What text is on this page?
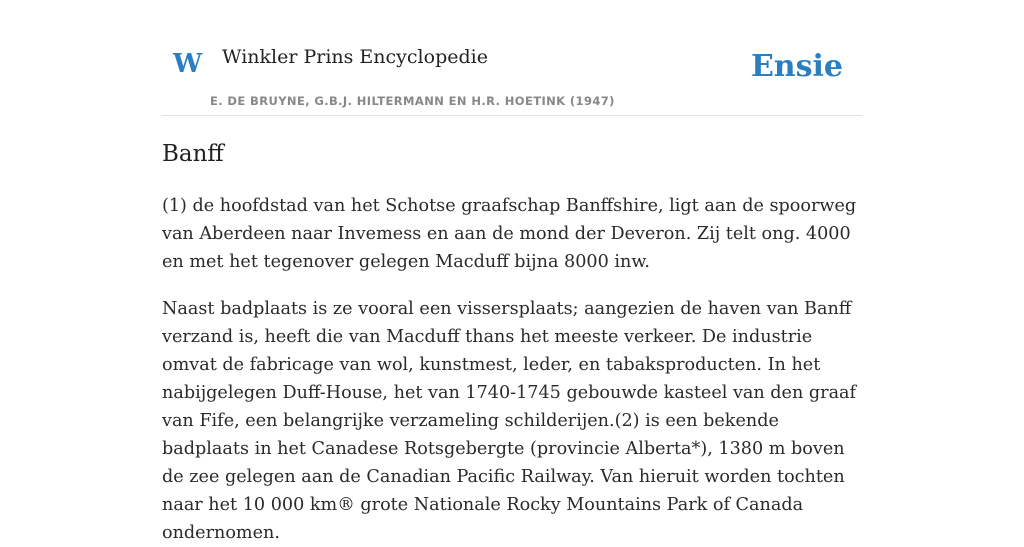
W Winkler Prins Encyclopedie
E. DE BRUYNE, G.B.J. HILTERMANN EN H.R. HOETINK (1947)
Ensie
Banff

(1) de hoofdstad van het Schotse graafschap Banffshire, ligt aan de spoorweg van Aberdeen naar Invemess en aan de mond der Deveron. Zij telt ong. 4000 en met het tegenover gelegen Macduff bijna 8000 inw.

Naast badplaats is ze vooral een vissersplaats; aangezien de haven van Banff verzand is, heeft die van Macduff thans het meeste verkeer. De industrie omvat de fabricage van wol, kunstmest, leder, en tabaksproducten. In het nabijgelegen Duff-House, het van 1740-1745 gebouwde kasteel van den graaf van Fife, een belangrijke verzameling schilderijen.(2) is een bekende badplaats in het Canadese Rotsgebergte (provincie Alberta*), 1380 m boven de zee gelegen aan de Canadian Pacific Railway. Van hieruit worden tochten naar het 10 000 km® grote Nationale Rocky Mountains Park of Canada ondernomen.
